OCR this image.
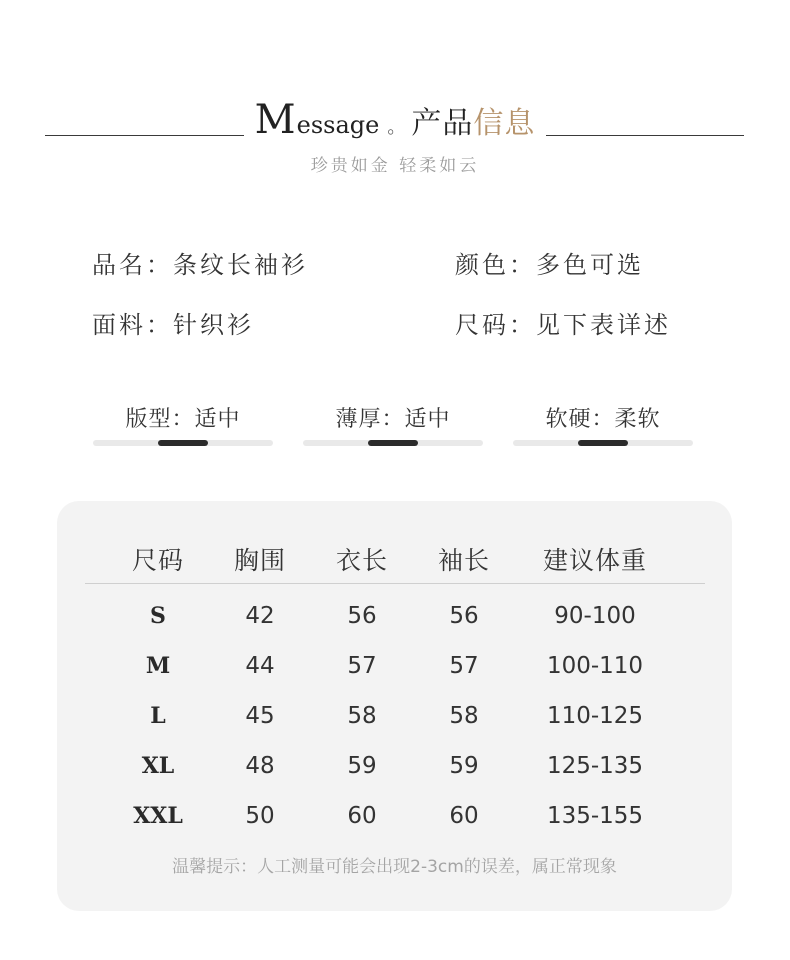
M essage 。 产品 信息
珍贵如金 轻柔如云
品名：条纹长袖衫	颜色：多色可选
面料：针织衫	尺码：见下表详述
版型：适中	薄厚：适中	软硬：柔软
尺码	胸围	衣长	袖长	建议体重
S	42	56	56	90-100
M	44	57	57	100-110
L	45	58	58	110-125
XL	48	59	59	125-135
XXL	50	60	60	135-155
温馨提示：人工测量可能会出现2-3cm的误差，属正常现象
